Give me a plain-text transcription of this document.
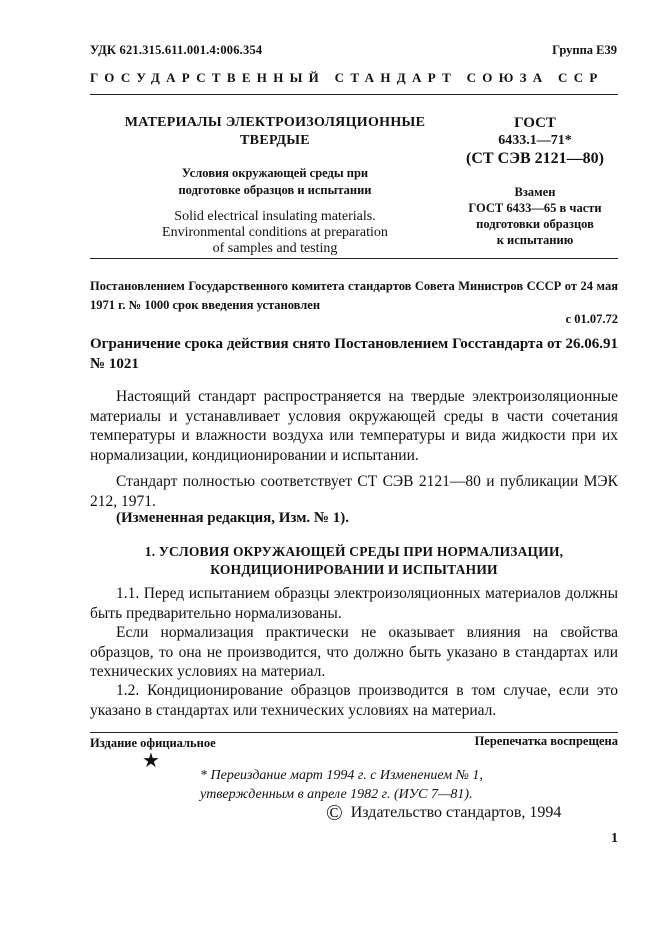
УДК 621.315.611.001.4:006.354	Группа Е39
ГОСУДАРСТВЕННЫЙ СТАНДАРТ СОЮЗА ССР
МАТЕРИАЛЫ ЭЛЕКТРОИЗОЛЯЦИОННЫЕ
ТВЕРДЫЕ
Условия окружающей среды при
подготовке образцов и испытании
Solid electrical insulating materials.
Environmental conditions at preparation
of samples and testing
ГОСТ
6433.1—71*
(СТ СЭВ 2121—80)
Взамен
ГОСТ 6433—65 в части
подготовки образцов
к испытанию
Постановлением Государственного комитета стандартов Совета Министров СССР от 24 мая 1971 г. № 1000 срок введения установлен
с 01.07.72
Ограничение срока действия снято Постановлением Госстандарта от 26.06.91 № 1021
Настоящий стандарт распространяется на твердые электроизоляционные материалы и устанавливает условия окружающей среды в части сочетания температуры и влажности воздуха или температуры и вида жидкости при их нормализации, кондиционировании и испытании.
Стандарт полностью соответствует СТ СЭВ 2121—80 и публикации МЭК 212, 1971.
(Измененная редакция, Изм. № 1).
1. УСЛОВИЯ ОКРУЖАЮЩЕЙ СРЕДЫ ПРИ НОРМАЛИЗАЦИИ,
КОНДИЦИОНИРОВАНИИ И ИСПЫТАНИИ
1.1. Перед испытанием образцы электроизоляционных материалов должны быть предварительно нормализованы.
Если нормализация практически не оказывает влияния на свойства образцов, то она не производится, что должно быть указано в стандартах или технических условиях на материал.
1.2. Кондиционирование образцов производится в том случае, если это указано в стандартах или технических условиях на материал.
Издание официальное	Перепечатка воспрещена
★
* Переиздание март 1994 г. с Изменением № 1,
утвержденным в апреле 1982 г. (ИУС 7—81).
© Издательство стандартов, 1994
1
